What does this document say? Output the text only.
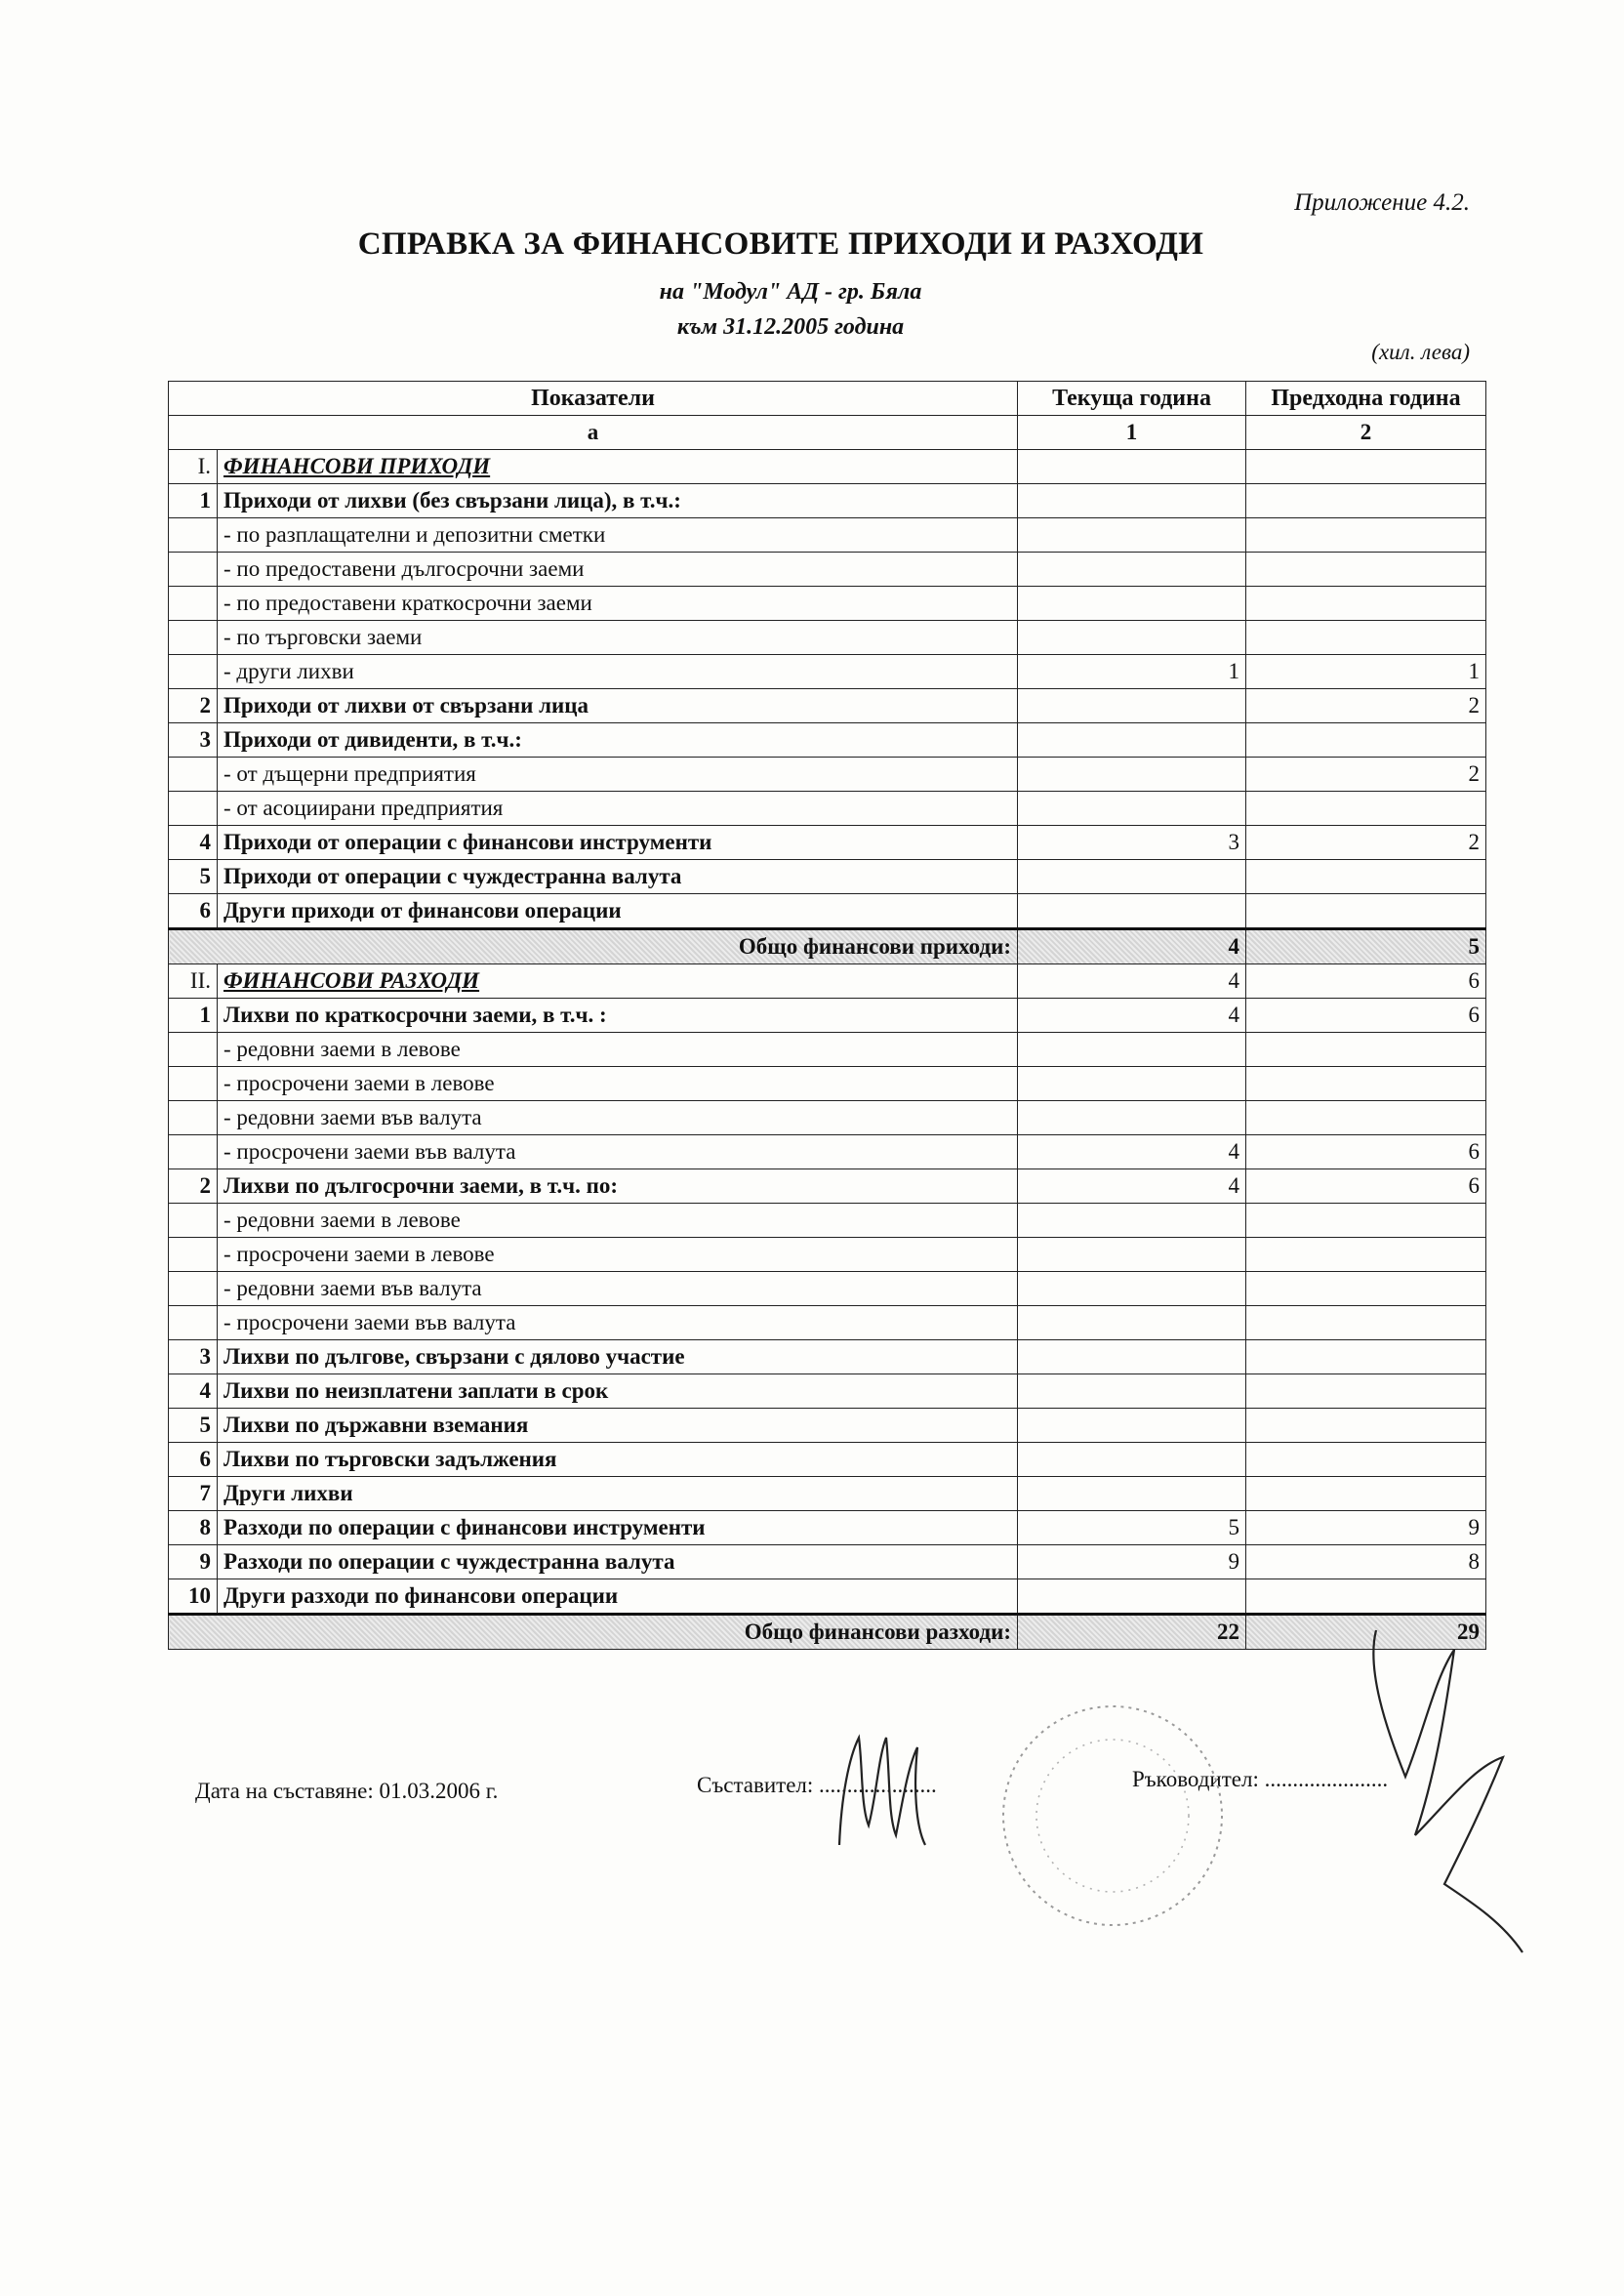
Приложение 4.2.
СПРАВКА ЗА ФИНАНСОВИТЕ ПРИХОДИ И РАЗХОДИ
на "Модул" АД - гр. Бяла
към 31.12.2005 година
(хил. лева)
Показатели		Текуща година	Предходна година
а		1	2
I.	ФИНАНСОВИ ПРИХОДИ		
1	Приходи от лихви (без свързани лица), в т.ч.:		
	- по разплащателни и депозитни сметки		
	- по предоставени дългосрочни заеми		
	- по предоставени краткосрочни заеми		
	- по търговски заеми		
	- други лихви	1	1
2	Приходи от лихви от свързани лица		2
3	Приходи от дивиденти, в т.ч.:		
	- от дъщерни предприятия		2
	- от асоциирани предприятия		
4	Приходи от операции с финансови инструменти	3	2
5	Приходи от операции с чуждестранна валута		
6	Други приходи от финансови операции		
Общо финансови приходи:		4	5
II.	ФИНАНСОВИ РАЗХОДИ	4	6
1	Лихви по краткосрочни заеми, в т.ч. :	4	6
	- редовни заеми в левове		
	- просрочени заеми в левове		
	- редовни заеми във валута		
	- просрочени заеми във валута	4	6
2	Лихви по дългосрочни заеми, в т.ч. по:	4	6
	- редовни заеми в левове		
	- просрочени заеми в левове		
	- редовни заеми във валута		
	- просрочени заеми във валута		
3	Лихви по дългове, свързани с дялово участие		
4	Лихви по неизплатени заплати в срок		
5	Лихви по държавни вземания		
6	Лихви по търговски задължения		
7	Други лихви		
8	Разходи по операции с финансови инструменти	5	9
9	Разходи по операции с чуждестранна валута	9	8
10	Други разходи по финансови операции		
Общо финансови разходи:		22	29
Дата на съставяне: 01.03.2006 г.	Съставител: .....................	Ръководител: ......................
